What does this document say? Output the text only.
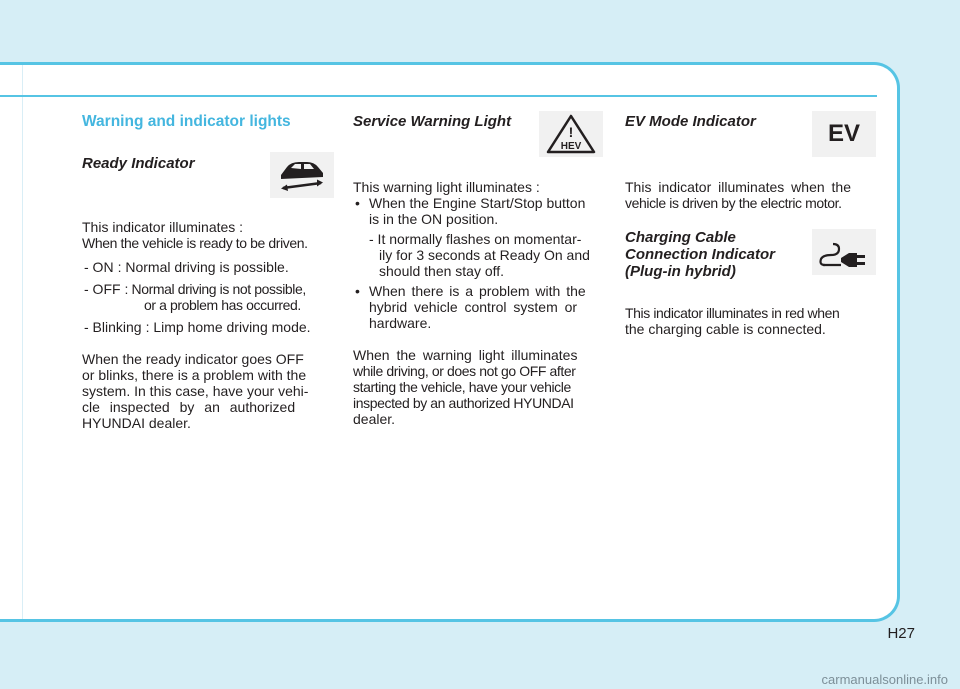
Warning and indicator lights
Ready Indicator

This indicator illuminates :

When the vehicle is ready to be driven.

- ON : Normal driving is possible.
- OFF : Normal driving is not possible,
or a problem has occurred.
- Blinking : Limp home driving mode.
When the ready indicator goes OFF
or blinks, there is a problem with the
system. In this case, have your vehi-
cle inspected by an authorized
HYUNDAI dealer.
Service Warning Light
!
HEV

This warning light illuminates :

• When the Engine Start/Stop button
is in the ON position.
- It normally flashes on momentar-
ily for 3 seconds at Ready On and
should then stay off.
• When there is a problem with the
hybrid vehicle control system or
hardware.
When the warning light illuminates
while driving, or does not go OFF after
starting the vehicle, have your vehicle
inspected by an authorized HYUNDAI
dealer.
EV Mode Indicator	EV
This indicator illuminates when the
vehicle is driven by the electric motor.
Charging Cable
Connection Indicator
(Plug-in hybrid)
This indicator illuminates in red when
the charging cable is connected.
H27
carmanualsonline.info
